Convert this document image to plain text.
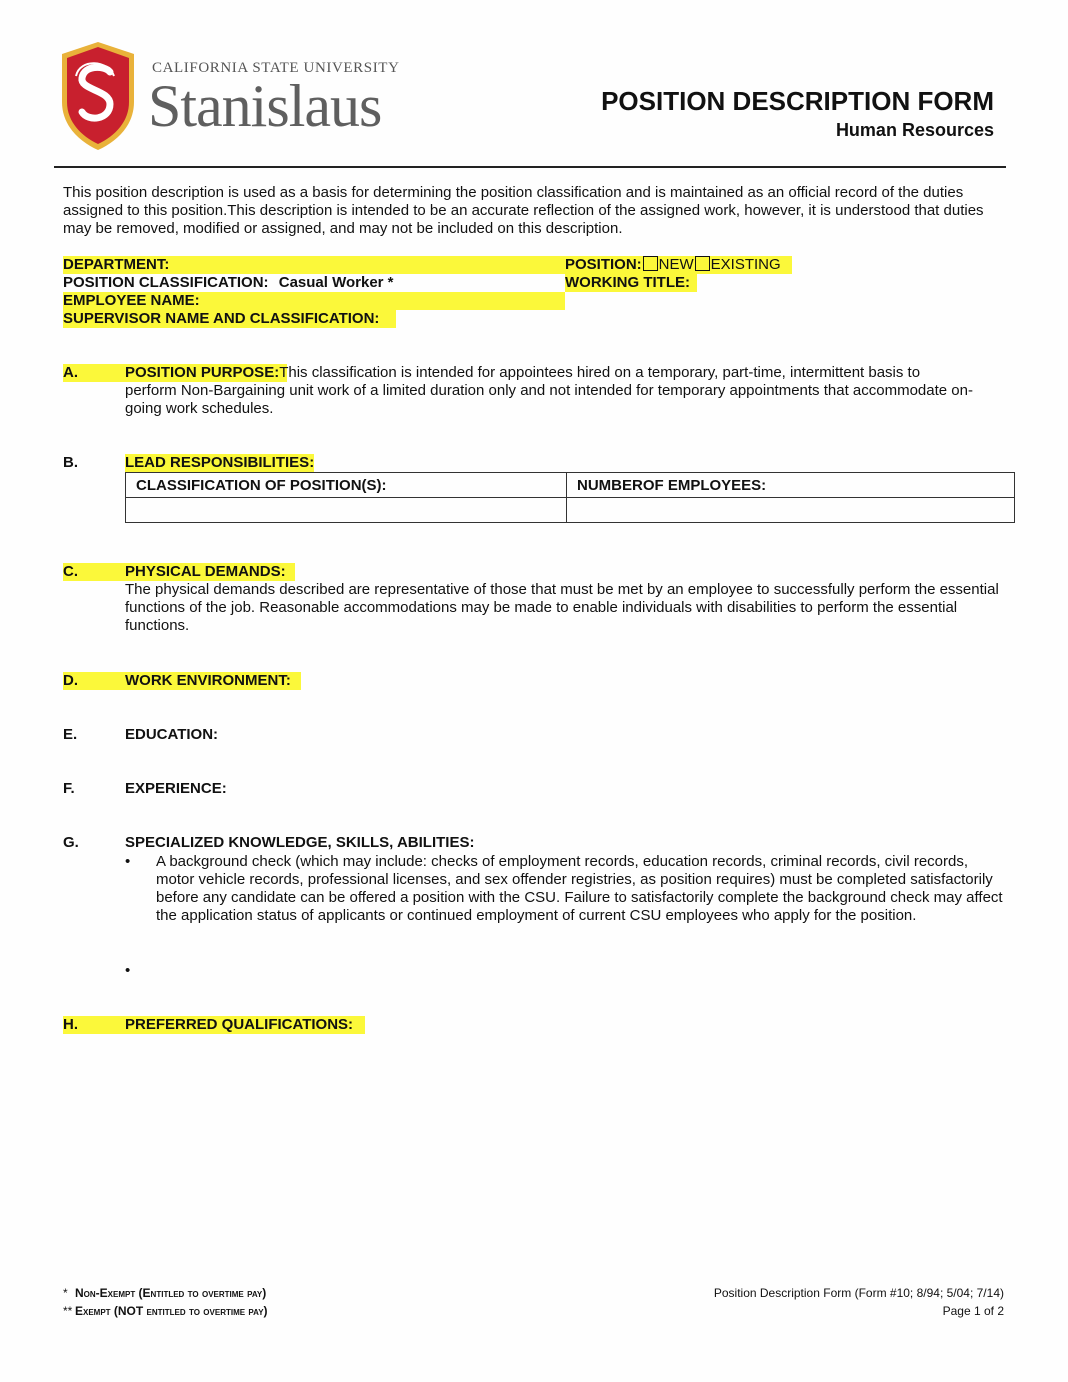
CALIFORNIA STATE UNIVERSITY
Stanislaus	POSITION DESCRIPTION FORM
Human Resources
This position description is used as a basis for determining the position classification and is maintained as an official record of the duties assigned to this position.This description is intended to be an accurate reflection of the assigned work, however, it is understood that duties may be removed, modified or assigned, and may not be included on this description.
DEPARTMENT:
POSITION CLASSIFICATION: Casual Worker *
EMPLOYEE NAME:
SUPERVISOR NAME AND CLASSIFICATION:
POSITION: NEW EXISTING
WORKING TITLE:
A.	POSITION PURPOSE:This classification is intended for appointees hired on a temporary, part-time, intermittent basis to
perform Non-Bargaining unit work of a limited duration only and not intended for temporary appointments that accommodate on-going work schedules.
B.	LEAD RESPONSIBILITIES:
CLASSIFICATION OF POSITION(S):	NUMBEROF EMPLOYEES:

C.	PHYSICAL DEMANDS:
The physical demands described are representative of those that must be met by an employee to successfully perform the essential functions of the job. Reasonable accommodations may be made to enable individuals with disabilities to perform the essential functions.
D.	WORK ENVIRONMENT:
E.	EDUCATION:
F.	EXPERIENCE:
G.	SPECIALIZED KNOWLEDGE, SKILLS, ABILITIES:
• A background check (which may include: checks of employment records, education records, criminal records, civil records, motor vehicle records, professional licenses, and sex offender registries, as position requires) must be completed satisfactorily before any candidate can be offered a position with the CSU. Failure to satisfactorily complete the background check may affect the application status of applicants or continued employment of current CSU employees who apply for the position.
•
H.	PREFERRED QUALIFICATIONS:
* Non-Exempt (Entitled to overtime pay)
** Exempt (NOT entitled to overtime pay)
Position Description Form (Form #10; 8/94; 5/04; 7/14)
Page 1 of 2
